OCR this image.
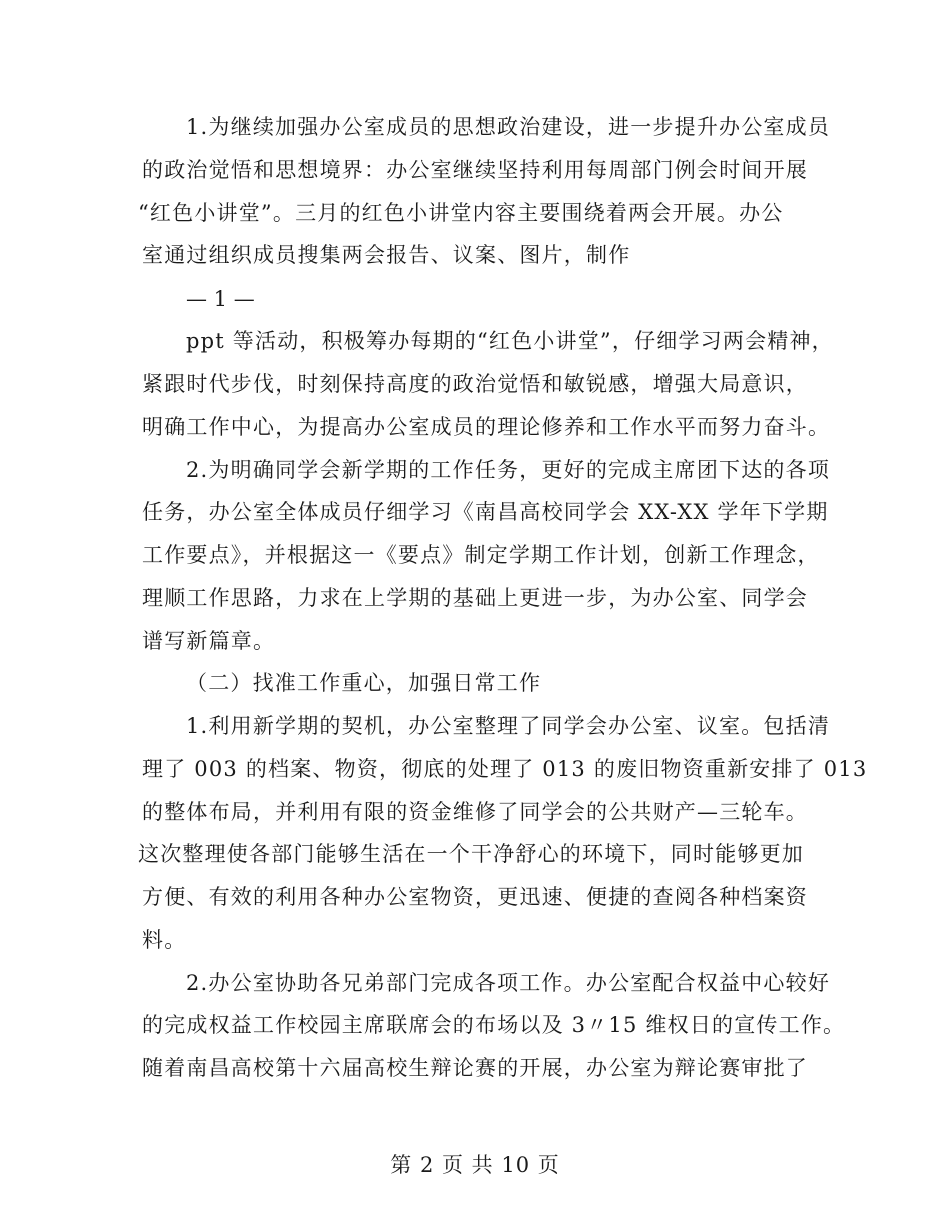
1.为继续加强办公室成员的思想政治建设，进一步提升办公室成员
的政治觉悟和思想境界：办公室继续坚持利用每周部门例会时间开展
“红色小讲堂”。三月的红色小讲堂内容主要围绕着两会开展。办公
室通过组织成员搜集两会报告、议案、图片，制作
— 1 —
ppt 等活动，积极筹办每期的“红色小讲堂”，仔细学习两会精神，
紧跟时代步伐，时刻保持高度的政治觉悟和敏锐感，增强大局意识，
明确工作中心，为提高办公室成员的理论修养和工作水平而努力奋斗。
2.为明确同学会新学期的工作任务，更好的完成主席团下达的各项
任务，办公室全体成员仔细学习《南昌高校同学会 XX-XX 学年下学期
工作要点》，并根据这一《要点》制定学期工作计划，创新工作理念，
理顺工作思路，力求在上学期的基础上更进一步，为办公室、同学会
谱写新篇章。
（二）找准工作重心，加强日常工作
1.利用新学期的契机，办公室整理了同学会办公室、议室。包括清
理了 003 的档案、物资，彻底的处理了 013 的废旧物资重新安排了 013
的整体布局，并利用有限的资金维修了同学会的公共财产—三轮车。
这次整理使各部门能够生活在一个干净舒心的环境下，同时能够更加
方便、有效的利用各种办公室物资，更迅速、便捷的查阅各种档案资
料。
2.办公室协助各兄弟部门完成各项工作。办公室配合权益中心较好
的完成权益工作校园主席联席会的布场以及 3〃15 维权日的宣传工作。
随着南昌高校第十六届高校生辩论赛的开展，办公室为辩论赛审批了
第 2 页 共 10 页
